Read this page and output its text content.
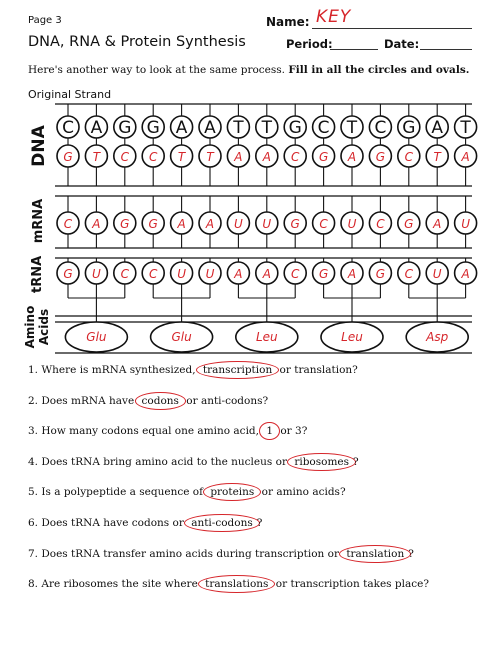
Page 3
DNA, RNA & Protein Synthesis
Name: KEY
Period:	Date:
Here's another way to look at the same process. Fill in all the circles and ovals.
Original Strand
C A G G A A T T G C T C G A T
G T C C T T A A C G A G C T A
C A G G A A U U G C U C G A U
G U C C U U A A C G A G C U A
Glu	Glu	Leu	Leu	Asp
DNA
mRNA
tRNA
Amino Acids
1. Where is mRNA synthesized, transcription or translation?
2. Does mRNA have codons or anti-codons?
3. How many codons equal one amino acid, 1 or 3?
4. Does tRNA bring amino acid to the nucleus or ribosomes ?
5. Is a polypeptide a sequence of proteins or amino acids?
6. Does tRNA have codons or anti-codons ?
7. Does tRNA transfer amino acids during transcription or translation ?
8. Are ribosomes the site where translations or transcription takes place?
